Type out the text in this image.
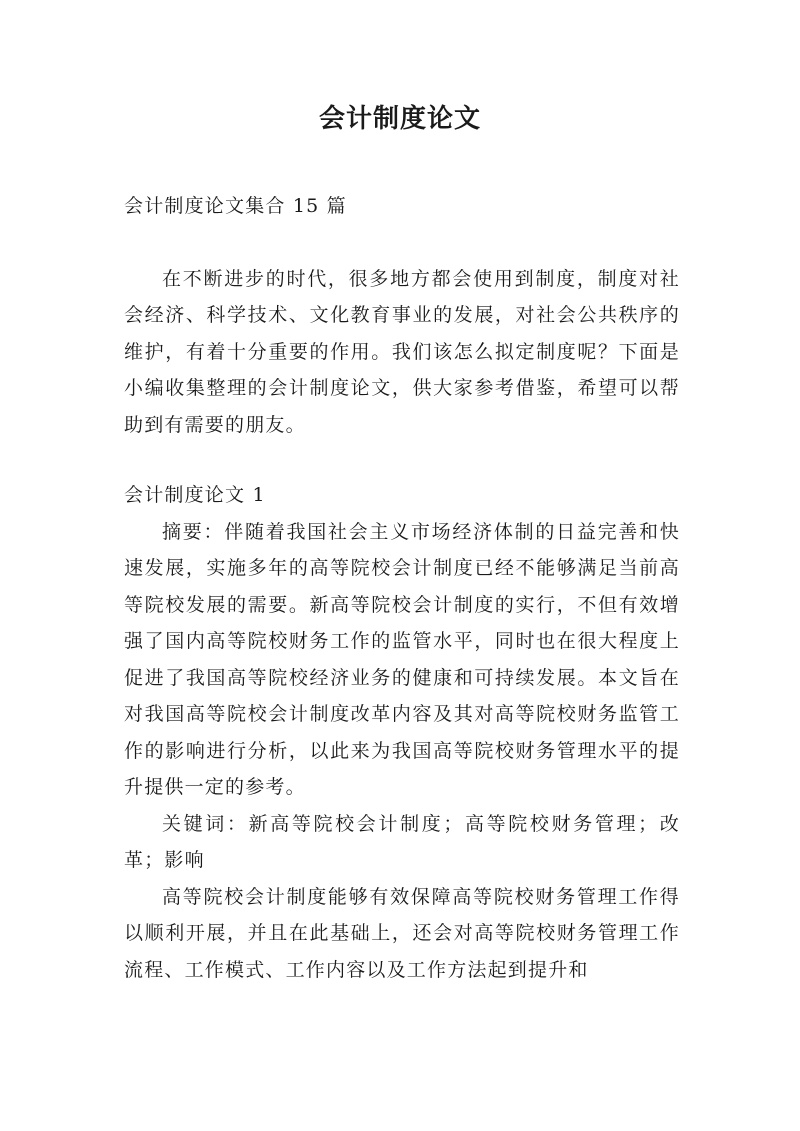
会计制度论文

会计制度论文集合 15 篇

在不断进步的时代，很多地方都会使用到制度，制度对社会经济、科学技术、文化教育事业的发展，对社会公共秩序的维护，有着十分重要的作用。我们该怎么拟定制度呢？下面是小编收集整理的会计制度论文，供大家参考借鉴，希望可以帮助到有需要的朋友。

会计制度论文 1

摘要：伴随着我国社会主义市场经济体制的日益完善和快速发展，实施多年的高等院校会计制度已经不能够满足当前高等院校发展的需要。新高等院校会计制度的实行，不但有效增强了国内高等院校财务工作的监管水平，同时也在很大程度上促进了我国高等院校经济业务的健康和可持续发展。本文旨在对我国高等院校会计制度改革内容及其对高等院校财务监管工作的影响进行分析，以此来为我国高等院校财务管理水平的提升提供一定的参考。

关键词：新高等院校会计制度；高等院校财务管理；改革；影响

高等院校会计制度能够有效保障高等院校财务管理工作得以顺利开展，并且在此基础上，还会对高等院校财务管理工作流程、工作模式、工作内容以及工作方法起到提升和
